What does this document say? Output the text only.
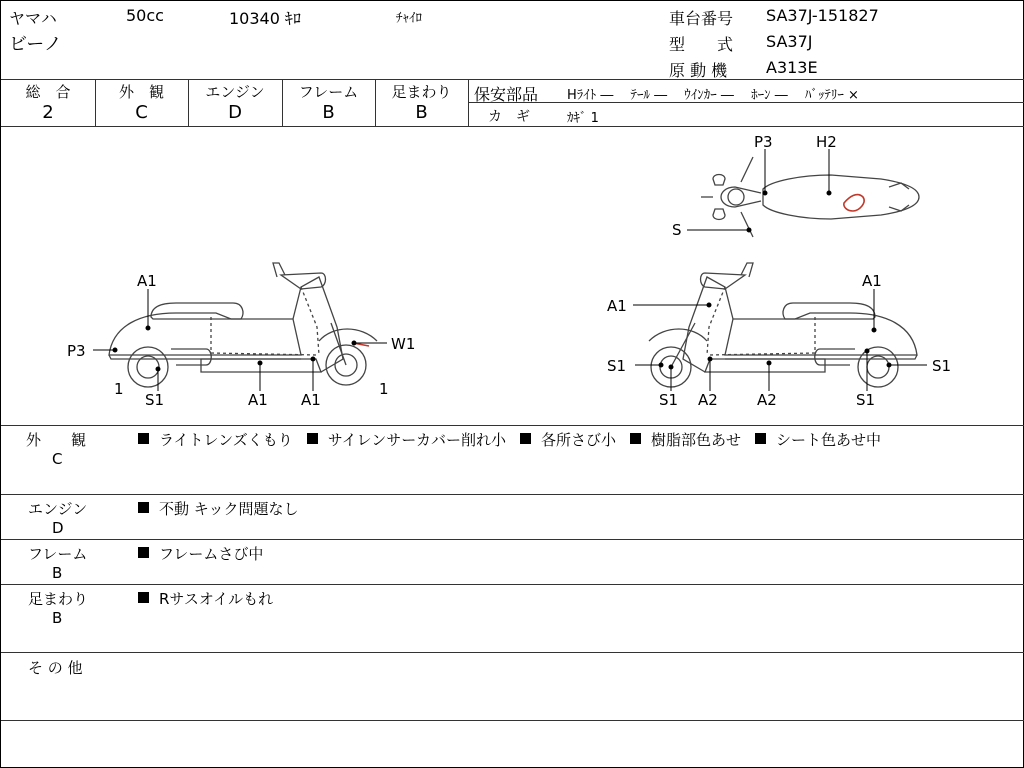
ヤマハ	50cc	10340 ｷﾛ	ﾁｬｲﾛ
ビーノ
車台番号 SA37J-151827
型　　式 SA37J
原 動 機 A313E
総　合
2
外　観
C
エンジン
D
フレーム
B
足まわり
B
保安部品 Hﾗｲﾄ ―　 ﾃｰﾙ ―　 ｳｲﾝｶｰ ―　 ﾎｰﾝ ―　 ﾊﾞｯﾃﾘｰ ×
カ　ギ	ｶｷﾞ 1
A1
P3	W1
1
S1	A1 A1
1
P3	H2
S
A1
A1
S1	S1
S1 A2	A2	S1
外　　観
C
ライトレンズくもり サイレンサーカバー削れ小 各所さび小 樹脂部色あせ シート色あせ中
エンジン
D
不動 キック問題なし
フレーム
B
フレームさび中
足まわり
B
Rサスオイルもれ
そ の 他
